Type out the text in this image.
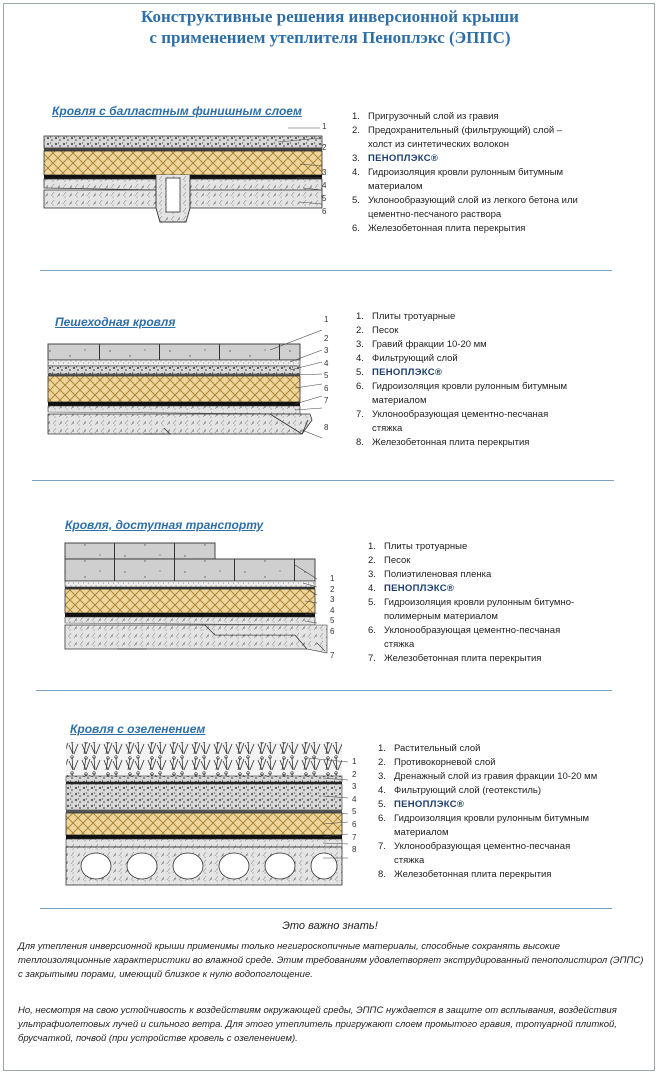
Конструктивные решения инверсионной крыши
с применением утеплителя Пеноплэкс (ЭППС)
Кровля с балластным финишным слоем
1
2
3
4
5
6
1. Пригрузочный слой из гравия
2. Предохранительный (фильтрующий) слой –
холст из синтетических волокон
3. ПЕНОПЛЭКС®
4. Гидроизоляция кровли рулонным битумным
материалом
5. Уклонообразующий слой из легкого бетона или
цементно-песчаного раствора
6. Железобетонная плита перекрытия
Пешеходная кровля	1
2
3
4
5
6
7
8
1. Плиты тротуарные
2. Песок
3. Гравий фракции 10-20 мм
4. Фильтрующий слой
5. ПЕНОПЛЭКС®
6. Гидроизоляция кровли рулонным битумным
материалом
7. Уклонообразующая цементно-песчаная
стяжка
8. Железобетонная плита перекрытия
Кровля, доступная транспорту
1
2
3
4
5
6
7
1. Плиты тротуарные
2. Песок
3. Полиэтиленовая пленка
4. ПЕНОПЛЭКС®
5. Гидроизоляция кровли рулонным битумно-
полимерным материалом
6. Уклонообразующая цементно-песчаная
стяжка
7. Железобетонная плита перекрытия
Кровля с озеленением
1
2
3
4
5
6
7
8
1. Растительный слой
2. Противокорневой слой
3. Дренажный слой из гравия фракции 10-20 мм
4. Фильтрующий слой (геотекстиль)
5. ПЕНОПЛЭКС®
6. Гидроизоляция кровли рулонным битумным
материалом
7. Уклонообразующая цементно-песчаная
стяжка
8. Железобетонная плита перекрытия
Это важно знать!
Для утепления инверсионной крыши применимы только негигроскопичные материалы, способные сохранять высокие теплоизоляционные характеристики во влажной среде. Этим требованиям удовлетворяет экструдированный пенополистирол (ЭППС) с закрытыми порами, имеющий близкое к нулю водопоглощение.
Но, несмотря на свою устойчивость к воздействиям окружающей среды, ЭППС нуждается в защите от всплывания, воздействия ультрафиолетовых лучей и сильного ветра. Для этого утеплитель пригружают слоем промытого гравия, тротуарной плиткой, брусчаткой, почвой (при устройстве кровель с озеленением).
